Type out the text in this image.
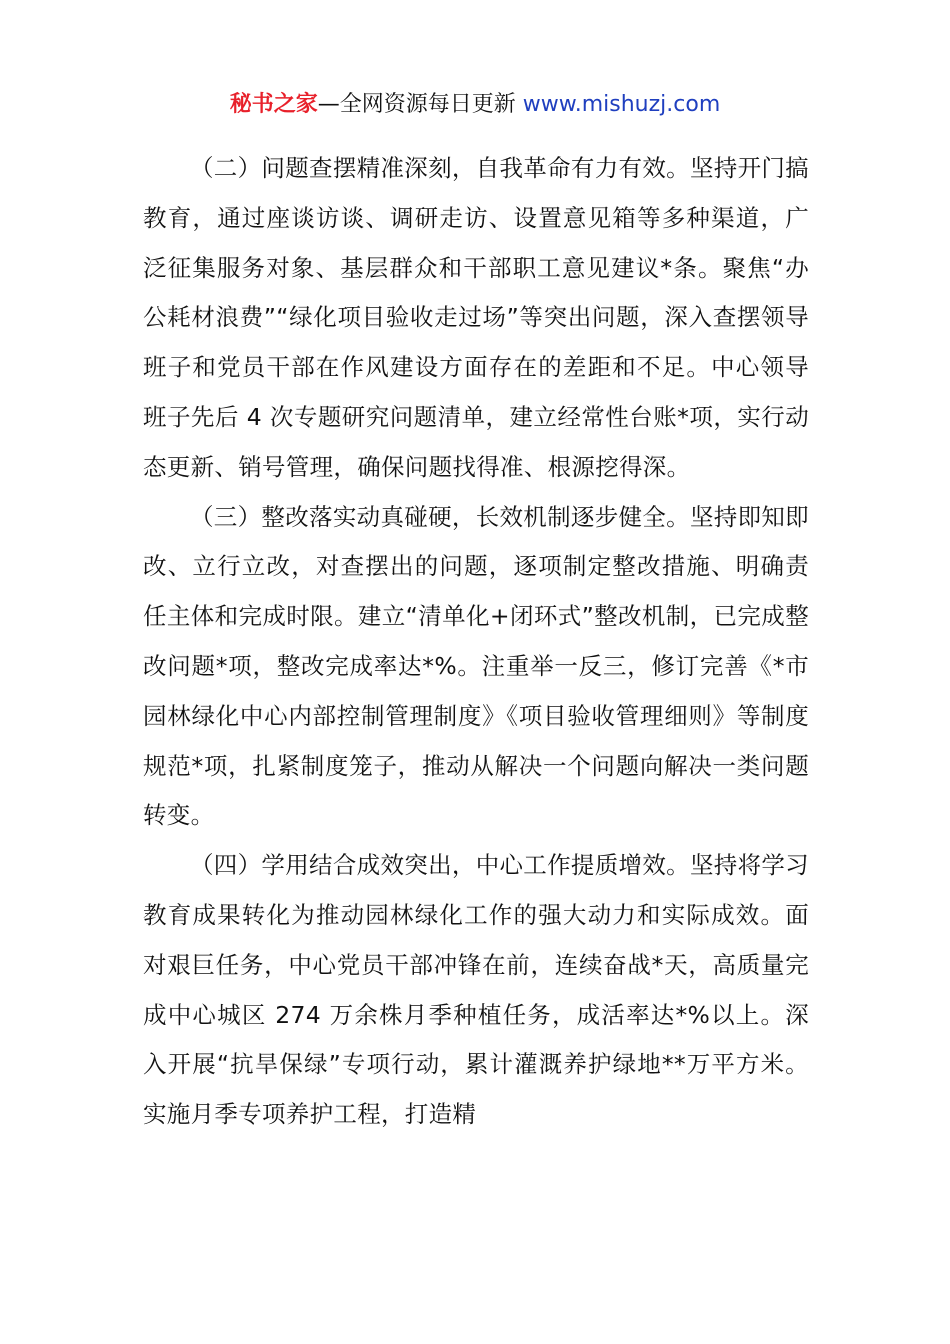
秘书之家—全网资源每日更新 www.mishuzj.com

（二）问题查摆精准深刻，自我革命有力有效。坚持开门搞教育，通过座谈访谈、调研走访、设置意见箱等多种渠道，广泛征集服务对象、基层群众和干部职工意见建议*条。聚焦“办公耗材浪费”“绿化项目验收走过场”等突出问题，深入查摆领导班子和党员干部在作风建设方面存在的差距和不足。中心领导班子先后 4 次专题研究问题清单，建立经常性台账*项，实行动态更新、销号管理，确保问题找得准、根源挖得深。

（三）整改落实动真碰硬，长效机制逐步健全。坚持即知即改、立行立改，对查摆出的问题，逐项制定整改措施、明确责任主体和完成时限。建立“清单化+闭环式”整改机制，已完成整改问题*项，整改完成率达*%。注重举一反三，修订完善《*市园林绿化中心内部控制管理制度》《项目验收管理细则》等制度规范*项，扎紧制度笼子，推动从解决一个问题向解决一类问题转变。

（四）学用结合成效突出，中心工作提质增效。坚持将学习教育成果转化为推动园林绿化工作的强大动力和实际成效。面对艰巨任务，中心党员干部冲锋在前，连续奋战*天，高质量完成中心城区 274 万余株月季种植任务，成活率达*%以上。深入开展“抗旱保绿”专项行动，累计灌溉养护绿地**万平方米。实施月季专项养护工程，打造精
